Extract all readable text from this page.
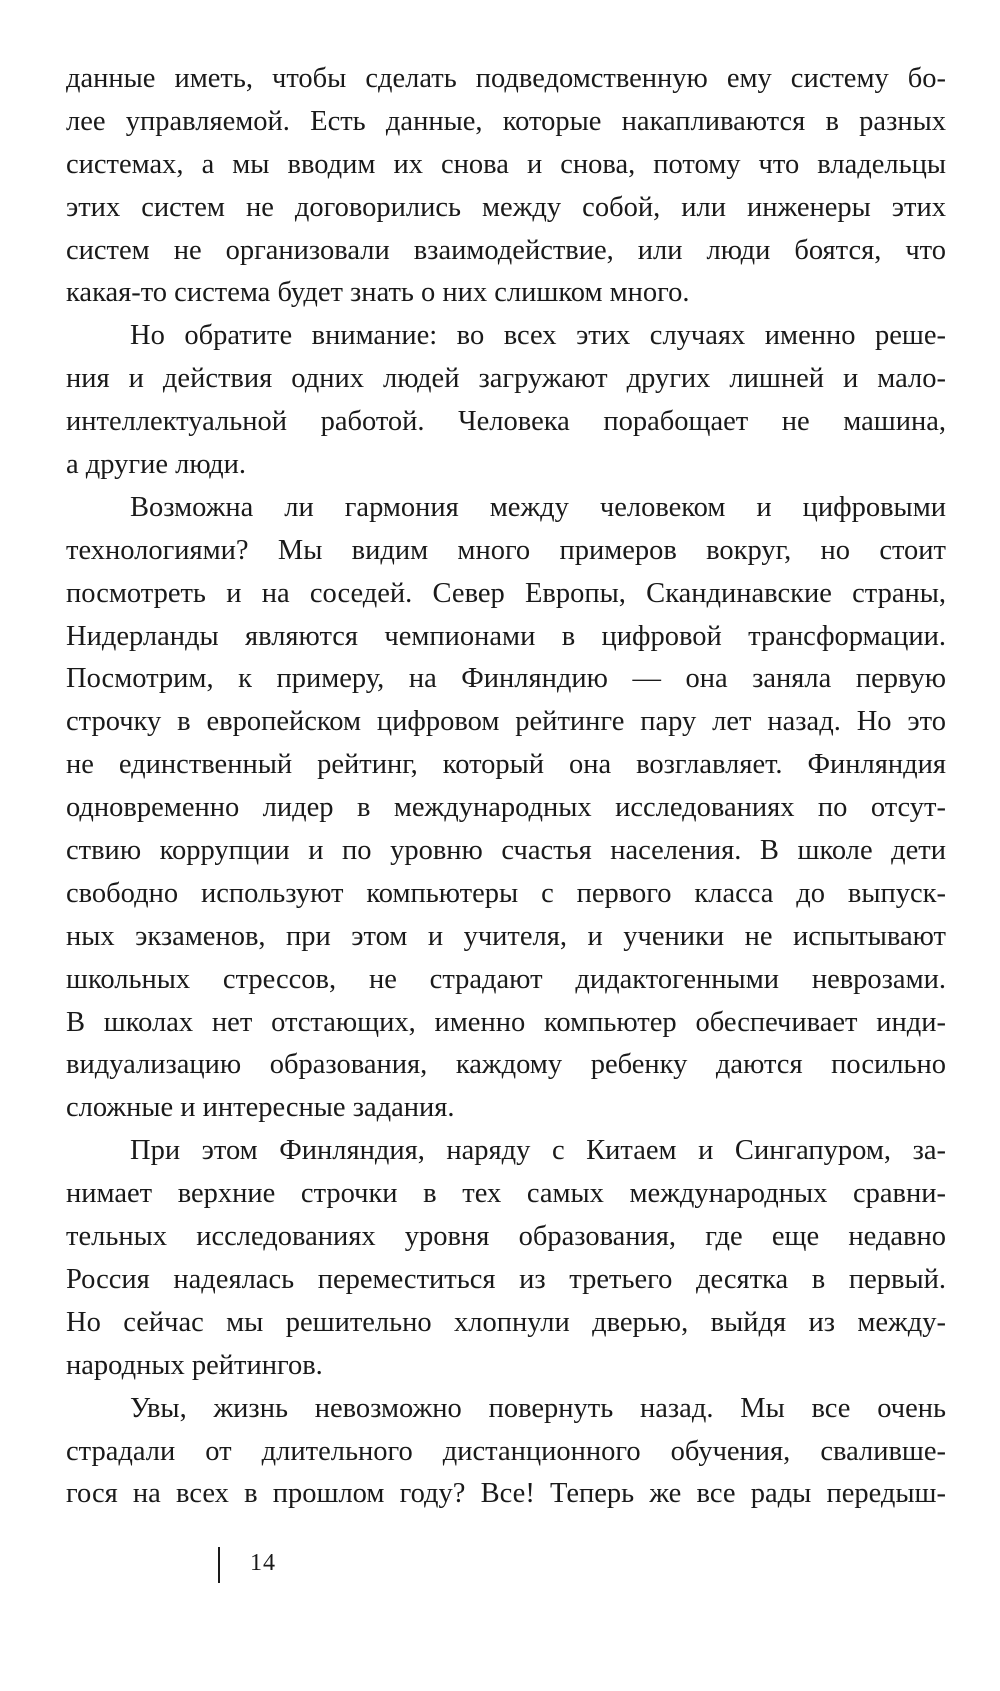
данные иметь, чтобы сделать подведомственную ему систему бо-
лее управляемой. Есть данные, которые накапливаются в разных
системах, а мы вводим их снова и снова, потому что владельцы
этих систем не договорились между собой, или инженеры этих
систем не организовали взаимодействие, или люди боятся, что
какая-то система будет знать о них слишком много.
Но обратите внимание: во всех этих случаях именно реше-
ния и действия одних людей загружают других лишней и мало-
интеллектуальной работой. Человека порабощает не машина,
а другие люди.
Возможна ли гармония между человеком и цифровыми
технологиями? Мы видим много примеров вокруг, но стоит
посмотреть и на соседей. Север Европы, Скандинавские страны,
Нидерланды являются чемпионами в цифровой трансформации.
Посмотрим, к примеру, на Финляндию — она заняла первую
строчку в европейском цифровом рейтинге пару лет назад. Но это
не единственный рейтинг, который она возглавляет. Финляндия
одновременно лидер в международных исследованиях по отсут-
ствию коррупции и по уровню счастья населения. В школе дети
свободно используют компьютеры с первого класса до выпуск-
ных экзаменов, при этом и учителя, и ученики не испытывают
школьных стрессов, не страдают дидактогенными неврозами.
В школах нет отстающих, именно компьютер обеспечивает инди-
видуализацию образования, каждому ребенку даются посильно
сложные и интересные задания.
При этом Финляндия, наряду с Китаем и Сингапуром, за-
нимает верхние строчки в тех самых международных сравни-
тельных исследованиях уровня образования, где еще недавно
Россия надеялась переместиться из третьего десятка в первый.
Но сейчас мы решительно хлопнули дверью, выйдя из между-
народных рейтингов.
Увы, жизнь невозможно повернуть назад. Мы все очень
страдали от длительного дистанционного обучения, сваливше-
гося на всех в прошлом году? Все! Теперь же все рады передыш-
14
